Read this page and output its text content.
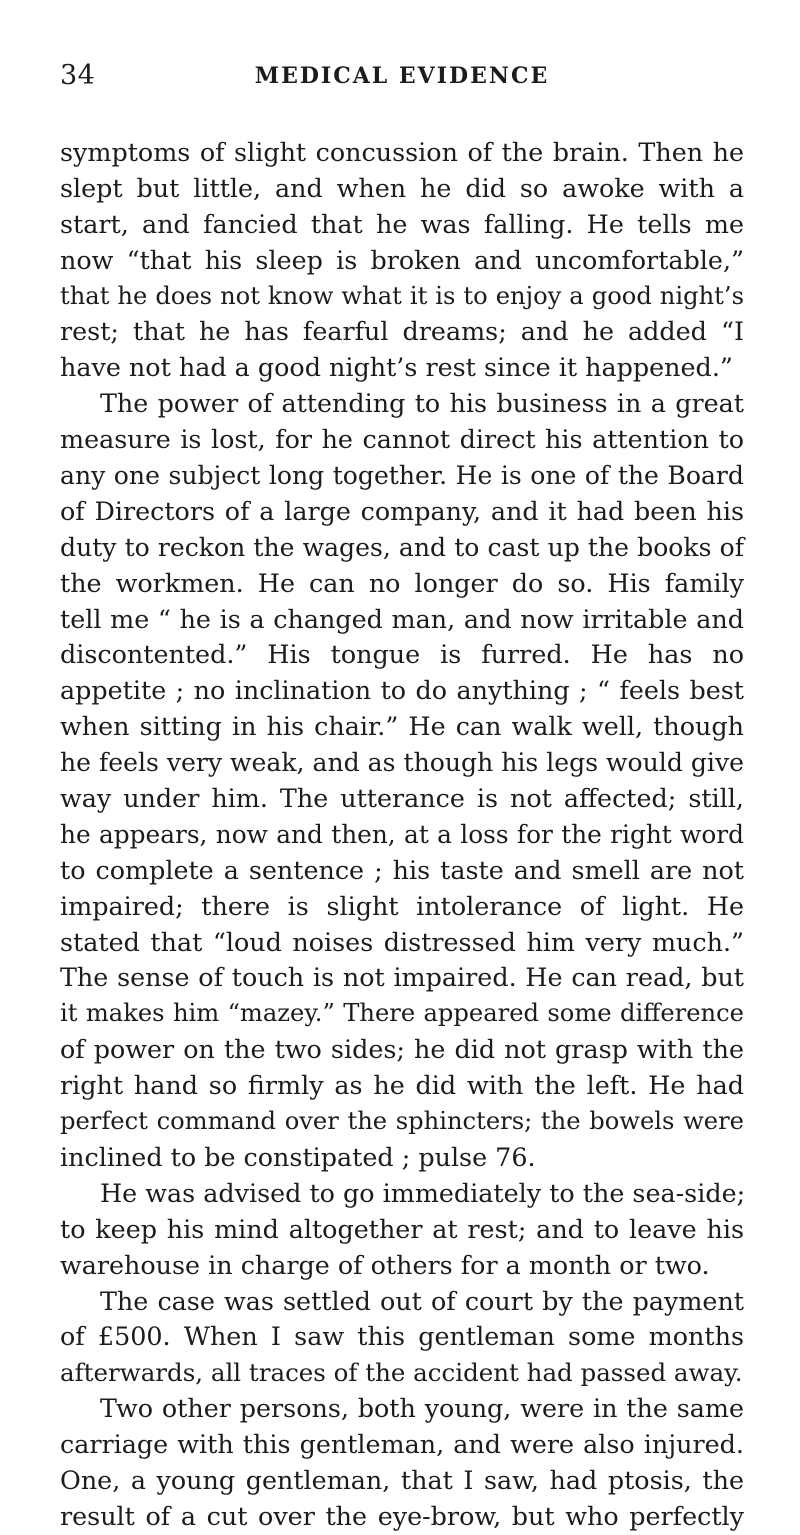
34	MEDICAL EVIDENCE
symptoms of slight concussion of the brain. Then he
slept but little, and when he did so awoke with a
start, and fancied that he was falling. He tells me
now “that his sleep is broken and uncomfortable,”
that he does not know what it is to enjoy a good night’s
rest; that he has fearful dreams; and he added “I
have not had a good night’s rest since it happened.”
The power of attending to his business in a great
measure is lost, for he cannot direct his attention to
any one subject long together. He is one of the Board
of Directors of a large company, and it had been his
duty to reckon the wages, and to cast up the books of
the workmen. He can no longer do so. His family
tell me “ he is a changed man, and now irritable and
discontented.” His tongue is furred. He has no
appetite ; no inclination to do anything ; “ feels best
when sitting in his chair.” He can walk well, though
he feels very weak, and as though his legs would give
way under him. The utterance is not affected; still,
he appears, now and then, at a loss for the right word
to complete a sentence ; his taste and smell are not
impaired; there is slight intolerance of light. He
stated that “loud noises distressed him very much.”
The sense of touch is not impaired. He can read, but
it makes him “mazey.” There appeared some difference
of power on the two sides; he did not grasp with the
right hand so firmly as he did with the left. He had
perfect command over the sphincters; the bowels were
inclined to be constipated ; pulse 76.
He was advised to go immediately to the sea-side;
to keep his mind altogether at rest; and to leave his
warehouse in charge of others for a month or two.
The case was settled out of court by the payment
of £500. When I saw this gentleman some months
afterwards, all traces of the accident had passed away.
Two other persons, both young, were in the same
carriage with this gentleman, and were also injured.
One, a young gentleman, that I saw, had ptosis, the
result of a cut over the eye-brow, but who perfectly
